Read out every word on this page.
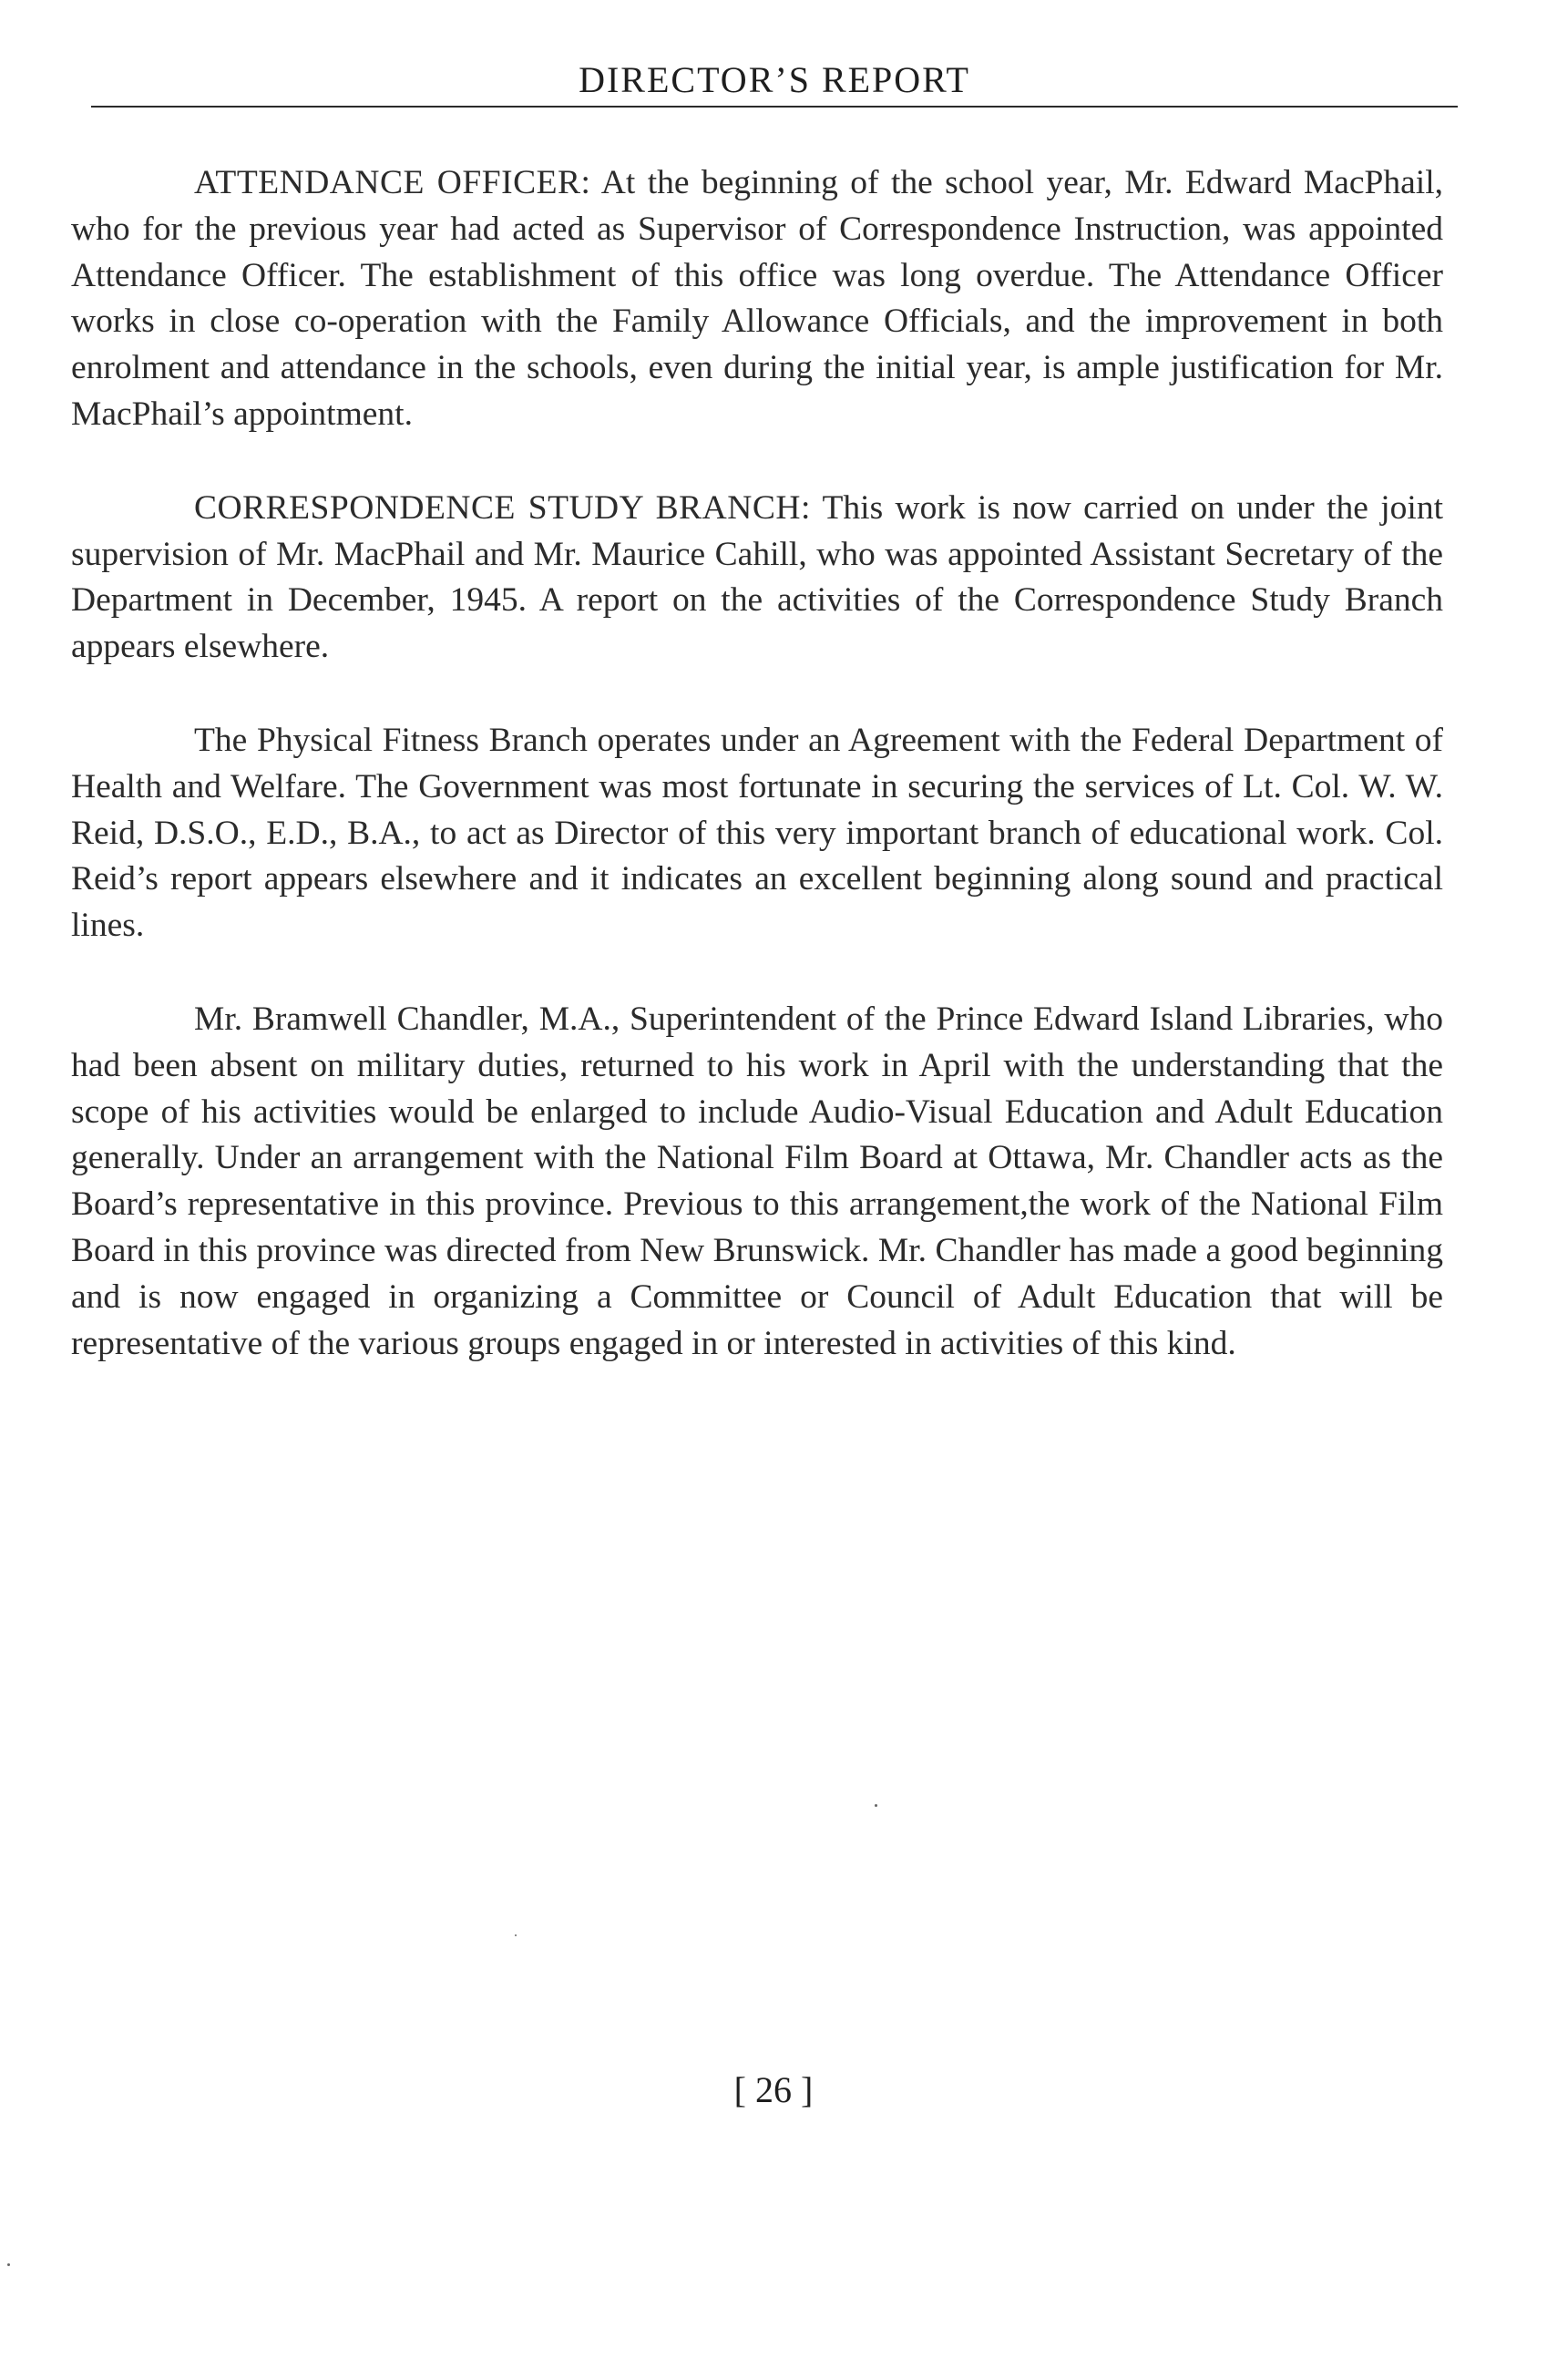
DIRECTOR’S REPORT

ATTENDANCE OFFICER: At the beginning of the school year, Mr. Edward MacPhail, who for the previous year had acted as Supervisor of Correspondence Instruction, was appointed Attendance Officer. The establishment of this office was long overdue. The Attendance Officer works in close co-operation with the Family Allowance Officials, and the improvement in both enrolment and attendance in the schools, even during the initial year, is ample justification for Mr. MacPhail’s appointment.

CORRESPONDENCE STUDY BRANCH: This work is now carried on under the joint supervision of Mr. MacPhail and Mr. Maurice Cahill, who was appointed Assistant Secretary of the Department in December, 1945. A report on the activities of the Correspondence Study Branch appears elsewhere.

The Physical Fitness Branch operates under an Agreement with the Federal Department of Health and Welfare. The Government was most fortunate in securing the services of Lt. Col. W. W. Reid, D.S.O., E.D., B.A., to act as Director of this very important branch of educational work. Col. Reid’s report appears elsewhere and it indicates an excellent beginning along sound and practical lines.

Mr. Bramwell Chandler, M.A., Superintendent of the Prince Edward Island Libraries, who had been absent on military duties, returned to his work in April with the understanding that the scope of his activities would be enlarged to include Audio-Visual Education and Adult Education generally. Under an arrangement with the National Film Board at Ottawa, Mr. Chandler acts as the Board’s representative in this province. Previous to this arrangement,the work of the National Film Board in this province was directed from New Brunswick. Mr. Chandler has made a good beginning and is now engaged in organizing a Committee or Council of Adult Education that will be representative of the various groups engaged in or interested in activities of this kind.

[ 26 ]
